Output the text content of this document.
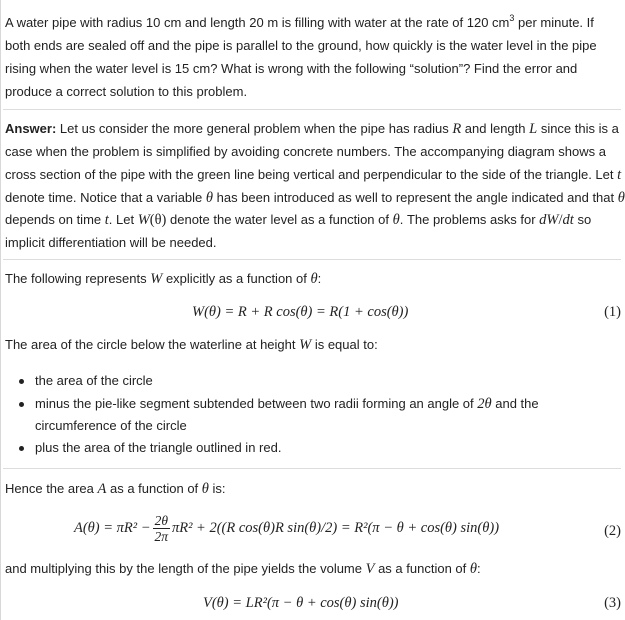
A water pipe with radius 10 cm and length 20 m is filling with water at the rate of 120 $cm^3$ per minute. If
both ends are sealed off and the pipe is parallel to the ground, how quickly is the water level in the pipe
rising when the water level is 15 cm? What is wrong with the following “solution”? Find the error and
produce a correct solution to this problem.
Answer: Let us consider the more general problem when the pipe has radius R and length L since this is a
case when the problem is simplified by avoiding concrete numbers. The accompanying diagram shows a
cross section of the pipe with the green line being vertical and perpendicular to the side of the triangle. Let t
denote time. Notice that a variable θ has been introduced as well to represent the angle indicated and that θ
depends on time t. Let W(θ) denote the water level as a function of θ. The problems asks for dW/dt so
implicit differentiation will be needed.
The following represents W explicitly as a function of θ:
W(θ) = R + R cos(θ) = R(1 + cos(θ))	(1)
The area of the circle below the waterline at height W is equal to:
the area of the circle
minus the pie-like segment subtended between two radii forming an angle of 2θ and the
circumference of the circle
plus the area of the triangle outlined in red.
Hence the area A as a function of θ is:
$A(\theta) = \pi R^2 - \frac{2\theta}{2\pi} \pi R^2 + 2((R$ cos(θ)R sin(θ)/2) = R²(π − θ + cos(θ) sin(θ))	(2)
and multiplying this by the length of the pipe yields the volume V as a function of θ:
V(θ) = LR²(π − θ + cos(θ) sin(θ))	(3)
